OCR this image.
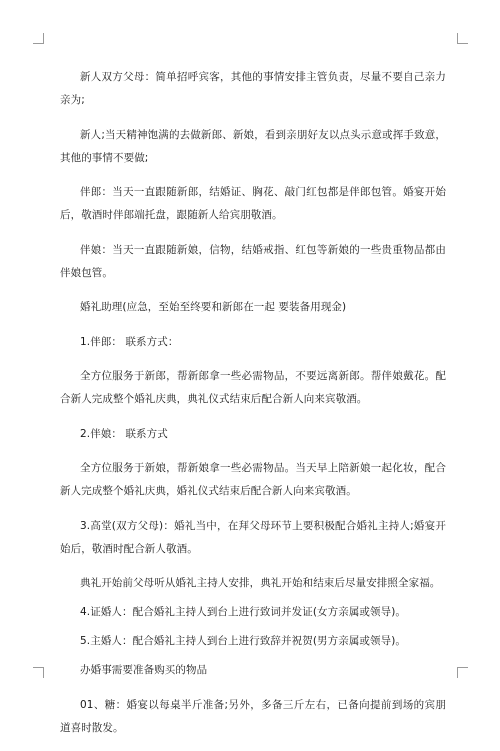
新人双方父母：简单招呼宾客，其他的事情安排主管负责，尽量不要自己亲力亲为;

新人;当天精神饱满的去做新郎、新娘，看到亲朋好友以点头示意或挥手致意，其他的事情不要做;

伴郎：当天一直跟随新郎，结婚证、胸花、敲门红包都是伴郎包管。婚宴开始后，敬酒时伴郎端托盘，跟随新人给宾朋敬酒。

伴娘：当天一直跟随新娘，信物，结婚戒指、红包等新娘的一些贵重物品都由伴娘包管。

婚礼助理(应急，至始至终要和新郎在一起 要装备用现金)

1.伴郎： 联系方式：

全方位服务于新郎，帮新郎拿一些必需物品，不要远离新郎。帮伴娘戴花。配合新人完成整个婚礼庆典，典礼仪式结束后配合新人向来宾敬酒。

2.伴娘： 联系方式

全方位服务于新娘，帮新娘拿一些必需物品。当天早上陪新娘一起化妆，配合新人完成整个婚礼庆典，婚礼仪式结束后配合新人向来宾敬酒。

3.高堂(双方父母)：婚礼当中，在拜父母环节上要积极配合婚礼主持人;婚宴开始后，敬酒时配合新人敬酒。

典礼开始前父母听从婚礼主持人安排，典礼开始和结束后尽量安排照全家福。

4.证婚人：配合婚礼主持人到台上进行致词并发证(女方亲属或领导)。

5.主婚人：配合婚礼主持人到台上进行致辞并祝贺(男方亲属或领导)。

办婚事需要准备购买的物品

01、糖：婚宴以每桌半斤准备;另外，多备三斤左右，已备向提前到场的宾朋道喜时散发。
